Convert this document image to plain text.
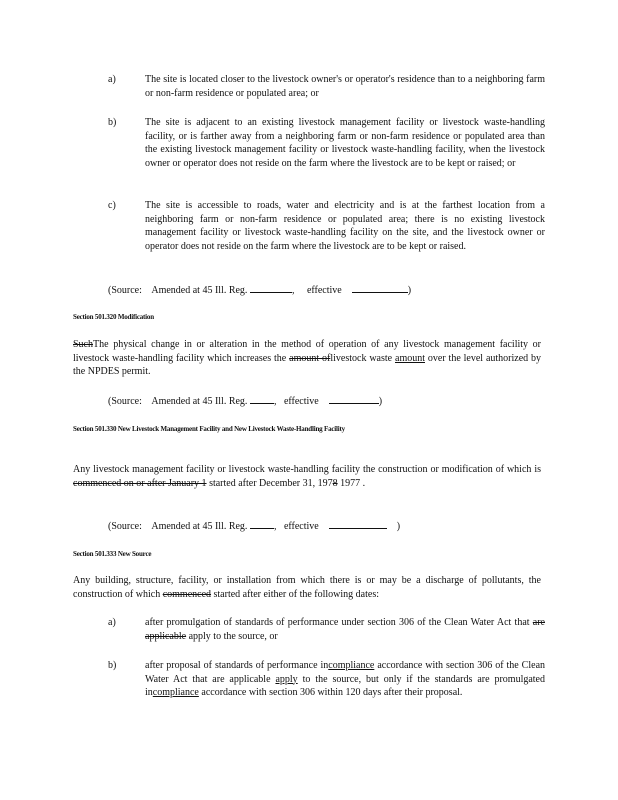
a)	The site is located closer to the livestock owner's or operator's residence than to a neighboring farm or non-farm residence or populated area; or
b)	The site is adjacent to an existing livestock management facility or livestock waste-handling facility, or is farther away from a neighboring farm or non-farm residence or populated area than the existing livestock management facility or livestock waste-handling facility, when the livestock owner or operator does not reside on the farm where the livestock are to be kept or raised; or
c)	The site is accessible to roads, water and electricity and is at the farthest location from a neighboring farm or non-farm residence or populated area; there is no existing livestock management facility or livestock waste-handling facility on the site, and the livestock owner or operator does not reside on the farm where the livestock are to be kept or raised.
(Source: Amended at 45 Ill. Reg.	,     effective	)
Section 501.320 Modification
SuchThe physical change in or alteration in the method of operation of any livestock management facility or livestock waste-handling facility which increases the amount oflivestock waste amount over the level authorized by the NPDES permit.
(Source: Amended at 45 Ill. Reg.	,   effective	)
Section 501.330 New Livestock Management Facility and New Livestock Waste-Handling Facility
Any livestock management facility or livestock waste-handling facility the construction or modification of which is commenced on or after January 1 started after December 31, 1978 1977 .
(Source: Amended at 45 Ill. Reg.	,   effective	)
Section 501.333 New Source
Any building, structure, facility, or installation from which there is or may be a discharge of pollutants, the construction of which commenced started after either of the following dates:
a)	after promulgation of standards of performance under section 306 of the Clean Water Act that are applicable apply to the source, or
b)	after proposal of standards of performance incompliance accordance with section 306 of the Clean Water Act that are applicable apply to the source, but only if the standards are promulgated incompliance accordance with section 306 within 120 days after their proposal.
